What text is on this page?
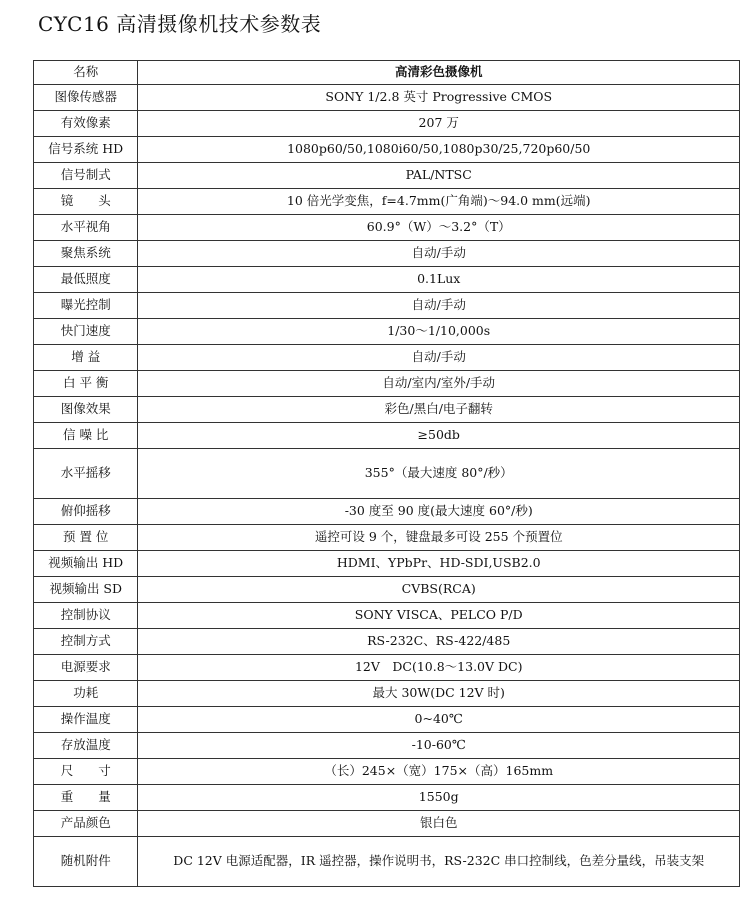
CYC16 高清摄像机技术参数表
名称	高清彩色摄像机
图像传感器	SONY 1/2.8 英寸 Progressive CMOS
有效像素	207 万
信号系统 HD	1080p60/50,1080i60/50,1080p30/25,720p60/50
信号制式	PAL/NTSC
镜　　头	10 倍光学变焦，f=4.7mm(广角端)～94.0 mm(远端)
水平视角	60.9°（W）～3.2°（T）
聚焦系统	自动/手动
最低照度	0.1Lux
曝光控制	自动/手动
快门速度	1/30～1/10,000s
增 益	自动/手动
白 平 衡	自动/室内/室外/手动
图像效果	彩色/黑白/电子翻转
信 噪 比	≥50db
水平摇移	355°（最大速度 80°/秒）
俯仰摇移	-30 度至 90 度(最大速度 60°/秒)
预 置 位	遥控可设 9 个，键盘最多可设 255 个预置位
视频输出 HD	HDMI、YPbPr、HD-SDI,USB2.0
视频输出 SD	CVBS(RCA)
控制协议	SONY VISCA、PELCO P/D
控制方式	RS-232C、RS-422/485
电源要求	12V　DC(10.8～13.0V DC)
功耗	最大 30W(DC 12V 时)
操作温度	0~40℃
存放温度	-10-60℃
尺　　寸	（长）245×（宽）175×（高）165mm
重　　量	1550g
产品颜色	银白色
随机附件	DC 12V 电源适配器，IR 遥控器，操作说明书，RS-232C 串口控制线，色差分量线，吊装支架
